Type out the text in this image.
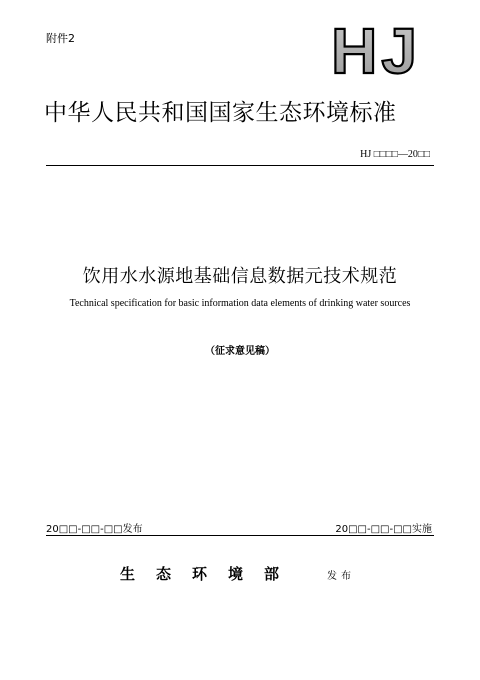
附件2	HJ
中华人民共和国国家生态环境标准
HJ □□□□—20□□
饮用水水源地基础信息数据元技术规范
Technical specification for basic information data elements of drinking water sources
（征求意见稿）
20□□-□□-□□发布	20□□-□□-□□实施
生态环境部	发布
